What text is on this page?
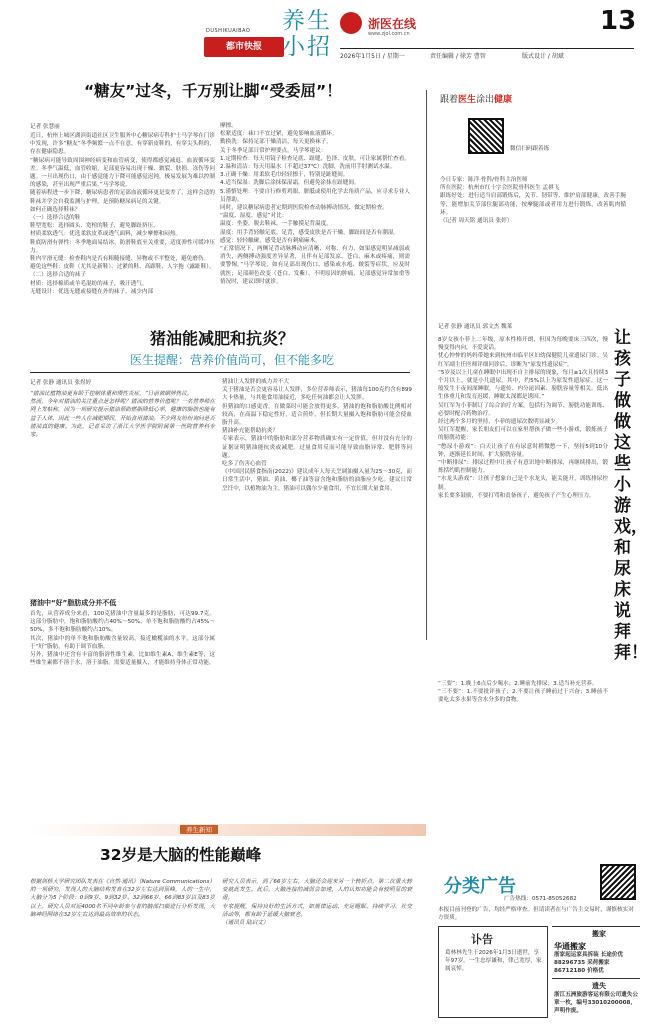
都市快报
DUSHIKUAIBAO 养生小招
浙医在线
www.zjol.com.cn	13
2026年1月5日 / 星期一	责任编辑 / 徐芳 曹智	版式设计 / 胡斌
“糖友”过冬，千万别让脚“受委屈”！
记者 张慧丽
近日，杭州上城区湖滨街道社区卫生服务中心糖尿病专科护士马学琴在门诊中发现，许多“糖友”冬季频繁一点不在意，有穿新皮鞋的，有穿尖头鞋的，存在健康隐患。
“糖尿病可能导致周围神经病变和血管病变，使得都感觉减退、血液循环变差。冬季气温低，血管收缩，足部更容易出现干燥、皲裂、肤损、冻伤等问题。一旦出现伤口，由于感觉能力下降可能感觉迟钝，极易发展为难以控制的感染，甚至出现严重后果。”马学琴说。
随着病程进一步下降，糖尿病患者的足部血液循环更是变差了，这样会适的鞋袜并学会自我监测与护理，是预防糖尿病足的关键。
如何正确选择鞋袜？
（一）选择合适的鞋
鞋型宽松：选择圆头、宽楦的鞋子，避免脚趾挤压。
材质柔软透气：优选柔软皮革或透气面料，减少摩擦和闷热。
鞋底防滑有弹性：冬季地面易结冰，防滑鞋底至关重要，适度弹性可缓冲压力。
鞋内平滑无缝：检查鞋内是否有粗糙接缝、异物或不平整处，避免磨伤。
避免这些鞋：皮鞋（尤其是新鞋）、过紧的鞋、高跟鞋、人字拖（露趾鞋）。
（二）选择合适的袜子
材质：选择棉质或羊毛混纺的袜子，吸汗透气。
无缝设计：优选无缝或接缝在外的袜子，减少内部
摩擦。
松紧适度：袜口不宜过紧，避免影响血液循环。
勤换洗：保持足部干燥清洁，每天更换袜子。
关于冬季足部日常护理要点，马学琴建议：
1.定期检查：每天用镜子检查足底、趾缝，色泽、皮肤，可让家属帮忙查看。
2.温和清洁：每天用温水（不超过37℃）洗脚，洗前用手肘测试水温。
3.正确干燥：用柔软毛巾轻轻擦干，特别是趾缝间。
4.适当保湿：洗脚后涂抹保湿霜，但避免涂抹在趾缝间。
5.谨慎处理：不要自行修剪鸡眼、胼胝或使用化学去角质产品，应寻求专业人员帮助。
同时，建议糖尿病患者定期到医院检查动脉搏动情况、做定期检查。
“温度、湿度、感觉”对比：
温度：坐姿，脱去鞋袜，一手触摸足背温度。
湿度：用手背轻触足底、足背，感受皮肤是否干燥，脚趾间是否有潮湿。
感觉：轻轻触碰，感受是否有刺痛麻木。
“正常情况下，两侧足背动脉搏动应清晰、对称、有力，如果感觉明显减弱或消失，两侧搏动强度差异显著，且伴有足部发凉、苍白、麻木或疼痛，则需要警惕。”马学琴说，如有足部出现伤口、感染或水疱、皲裂等症状，应及时就医；足部颜色改变（苍白、发紫）、不明原因的肿痛，足部感觉异常加重等情况时，建议即时就诊。
跟着医生涂出健康
微信扫码跟着练
今日专家：陈洋·骨科/骨科主治医师
所在医院：杭州市红十字会医院骨科医生 孟祺飞
跟练好处：进行适当肩部锻炼后，关节、韧带等、维护肩部健康，改善手腕等，能增加关节部位腿部功能，按摩腿部或者用力进行锻炼，改善肌肉循环。
（记者 周天铭 通讯员 张婷）
猪油能减肥和抗炎？
医生提醒：营养价值尚可，但不能多吃
记者 张静 通讯员 张煜婷
“猪油比植物油更有助于控制体重和慢性炎症，”日前被刷屏热议。
然而，今年对猪油的关注重点是怎样呢？猪油的营养价值呢？一名营养师在网上发帖称，因为一项研究提示猪油帮助燃脂降低心率，健康的脂肪也能有益于人体，因此一些人在减肥期间，开始食用猪油。不少网友纷纷询问是否猪油真的健康。为此，记者采访了浙江大学医学院附属第一医院营养科专家。
猪油中“好”脂肪成分并不低
首先，从营养成分来看，100克猪油中含量最多的是脂肪，可达99.7克。这部分脂肪中，饱和脂肪酸约占40%～50%，单不饱和脂肪酸约占45%～50%，多不饱和脂肪酸约占10%。
其次，猪油中的单不饱和脂肪酸含量较高，接近橄榄油的水平，这部分属于“好”脂肪，有助于调节血脂。
另外，猪油中还含有丰富的脂溶性维生素，比如维生素A、维生素E等，这些维生素都不溶于水，溶于油脂。需要适量摄入，才能维持身体正常功能。
猪油让人发胖的威力并不大
关于猪油是否会更容易让人发胖，多位营养师表示，猪油每100克约含有899大卡热量，与其他食用油接近，多吃任何油都会让人发胖。
但猪油的口感更香，在做菜时可能会放得更多。猪油的饱和脂肪酸比例相对较高，在高温下稳定性好，适合煎炸，但长期大量摄入饱和脂肪可能会使血脂升高。
猪油补充能帮助抗炎？
专家表示，猪油中的脂肪和部分营养物质确实有一定价值，但并没有充分的证据证明猪油能抗炎或减肥。过量食用反而可能导致血脂异常、肥胖等问题。
吃多了伤害心血管
《中国居民膳食指南(2022)》建议成年人每天烹调油摄入量为25～30克，而日常生活中，猪油、黄油、椰子油等富含饱和脂肪的油脂应少吃。建议日常烹饪中，以植物油为主，猪油可以偶尔少量食用，不宜长期大量食用。
记者 张静 通讯员 郭文杰 魏莱
8岁女孩小菲上二年级，原本性格开朗，但因为每晚要床三四次，慢慢变得内向，不爱说话。
忧心忡忡的妈妈带她来到杭州市临平区妇幼保健院儿童遗尿门诊。吴红军副主任医师详细问诊后，诊断为“原发性遗尿症”。
“5岁及以上儿童在睡眠中出现不自主排尿的现象，每月≥1次且持续3个月以上，就是小儿遗尿。其中，约5%以上为原发性遗尿症。这一般发生于夜间深睡眠，与遗传、内分泌因素、膀胱容量等相关。低出生体重儿和发育迟缓，睡眠太深都是诱因。”
吴红军为小菲制订了综合治疗方案，包括行为调节、膀胱功能训练、必要时配合药物治疗。
经过两个多月的坚持，小菲的遗尿次数明显减少。
吴红军提醒，家长朋友们可以在家里帮孩子做一些小游戏，锻炼孩子的膀胱功能：
“憋尿小游戏”：白天让孩子在有尿意时稍微憋一下，坚持5到10分钟，逐渐延长时间，扩大膀胱容量。
“中断排尿”：排尿过程中让孩子有意识地中断排尿，再继续排出，锻炼括约肌控制能力。
“水龙头游戏”：让孩子想象自己是个水龙头，能关能开，训练排尿控制。
家长要多鼓励，不要打骂和责备孩子，避免孩子产生心理压力。
让孩子做做这些小游戏，和尿床说拜拜！
“三要”：1.晚上6点后少喝水；2.睡前先排尿；3.适当补充营养。
“三不要”：1.不要批评孩子；2.不要让孩子睡前过于兴奋；3.睡前不要吃太多水果等含水分多的食物。
养生新知
32岁是大脑的性能巅峰
根据剑桥大学研究团队发表在《自然·通讯》（Nature Communications）的一项研究，发现人的大脑结构发育在32岁左右达到顶峰，人的一生中，大脑分为5个阶段：0到9岁、9到32岁、32到66岁、66到83岁以及83岁以上。研究人员对近4000名不同年龄参与者的脑部扫描进行分析发现，大脑神经网络在32岁左右达到最高效率的状态。
研究人员表示，到了66岁左右，大脑还会迎来另一个转折点，第二次重大转变就此发生。此后，大脑连接的减弱会加速，人的认知功能会有较明显的衰退。
专家提醒，保持良好的生活方式，如规律运动、充足睡眠、持续学习、社交活动等，都有助于延缓大脑衰老。
（通讯员 陆启文）
分类广告
广告热线：0571-85052682
本报目前刊登的广告，均经严格审查。但请读者在与广告主交易时，谨慎核实对方资质。
讣告
葛林林先生于2026年1月3日逝世，享年97岁。一生忠厚谦和，律己宽厚，家属哀悼。
搬家
华通搬家
浙家起运家具拆装 长途价优 88296735 采荷搬家 86712180 价格优
遗失
浙江五洲旅游客运有限公司遗失公章一枚，编号33010200008，声明作废。
